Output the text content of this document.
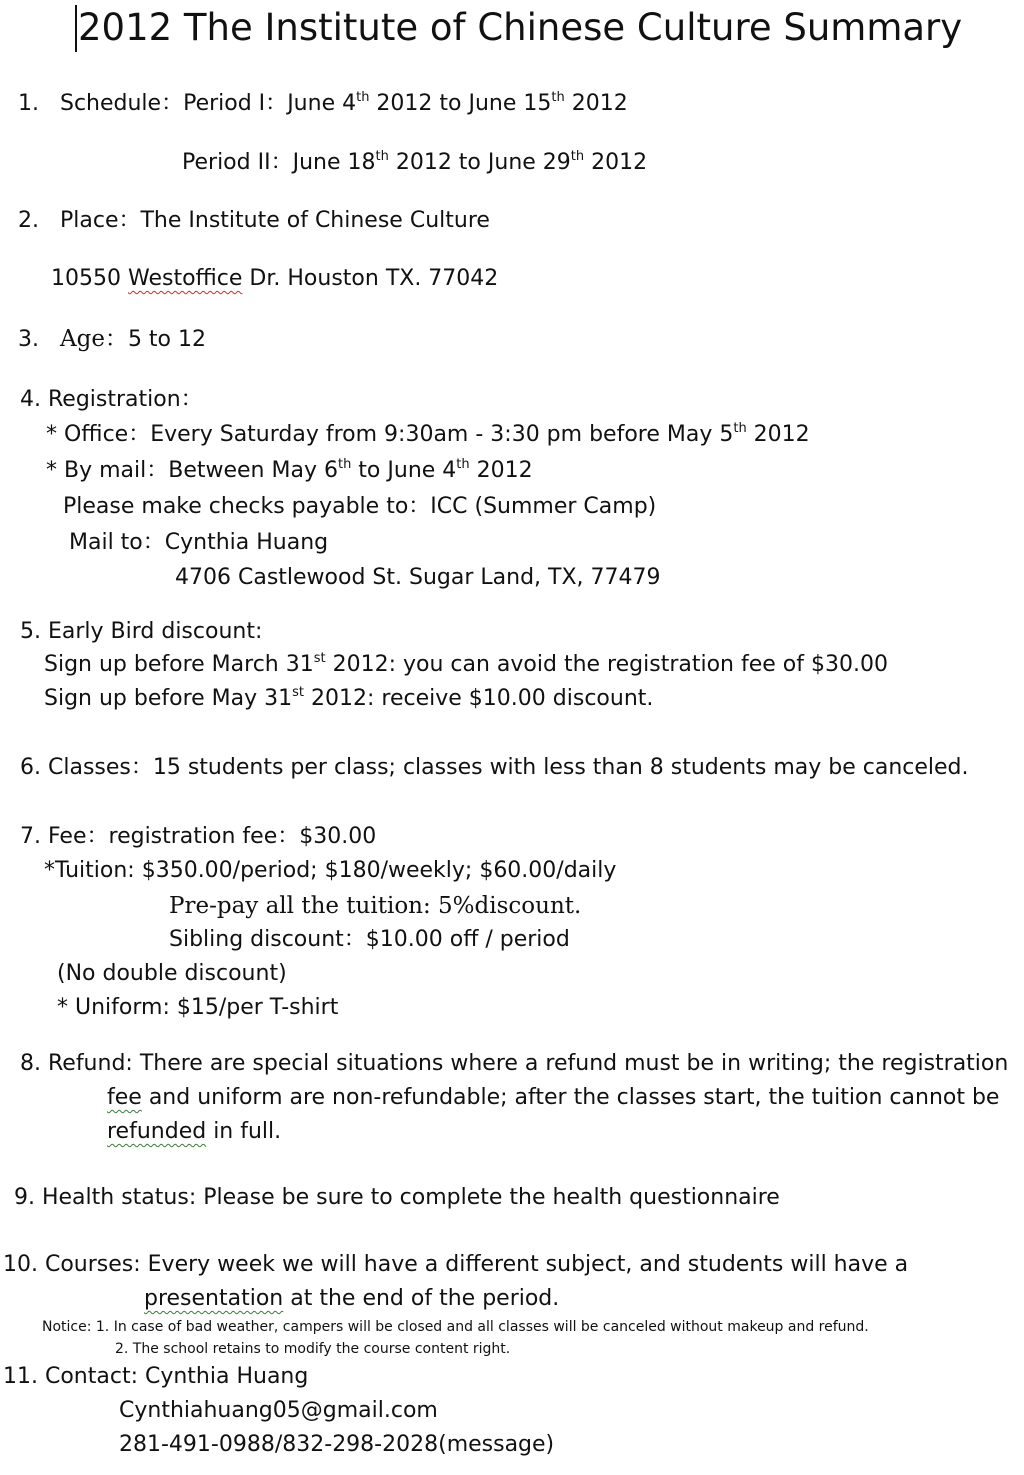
2012 The Institute of Chinese Culture Summary
1. Schedule：Period I：June 4th 2012 to June 15th 2012
Period II：June 18th 2012 to June 29th 2012
2. Place：The Institute of Chinese Culture
10550 Westoffice Dr. Houston TX. 77042
3. Age：5 to 12
4. Registration：
* Office：Every Saturday from 9:30am - 3:30 pm before May 5th 2012
* By mail：Between May 6th to June 4th 2012
Please make checks payable to：ICC (Summer Camp)
Mail to：Cynthia Huang
4706 Castlewood St. Sugar Land, TX, 77479
5. Early Bird discount:
Sign up before March 31st 2012: you can avoid the registration fee of $30.00
Sign up before May 31st 2012: receive $10.00 discount.
6. Classes：15 students per class; classes with less than 8 students may be canceled.
7. Fee：registration fee：$30.00
*Tuition: $350.00/period; $180/weekly; $60.00/daily
Pre-pay all the tuition: 5%discount.
Sibling discount：$10.00 off / period
(No double discount)
* Uniform: $15/per T-shirt
8. Refund: There are special situations where a refund must be in writing; the registration
fee and uniform are non-refundable; after the classes start, the tuition cannot be
refunded in full.
9. Health status: Please be sure to complete the health questionnaire
10. Courses: Every week we will have a different subject, and students will have a
presentation at the end of the period.
Notice: 1. In case of bad weather, campers will be closed and all classes will be canceled without makeup and refund.
2. The school retains to modify the course content right.
11. Contact: Cynthia Huang
Cynthiahuang05@gmail.com
281-491-0988/832-298-2028(message)
